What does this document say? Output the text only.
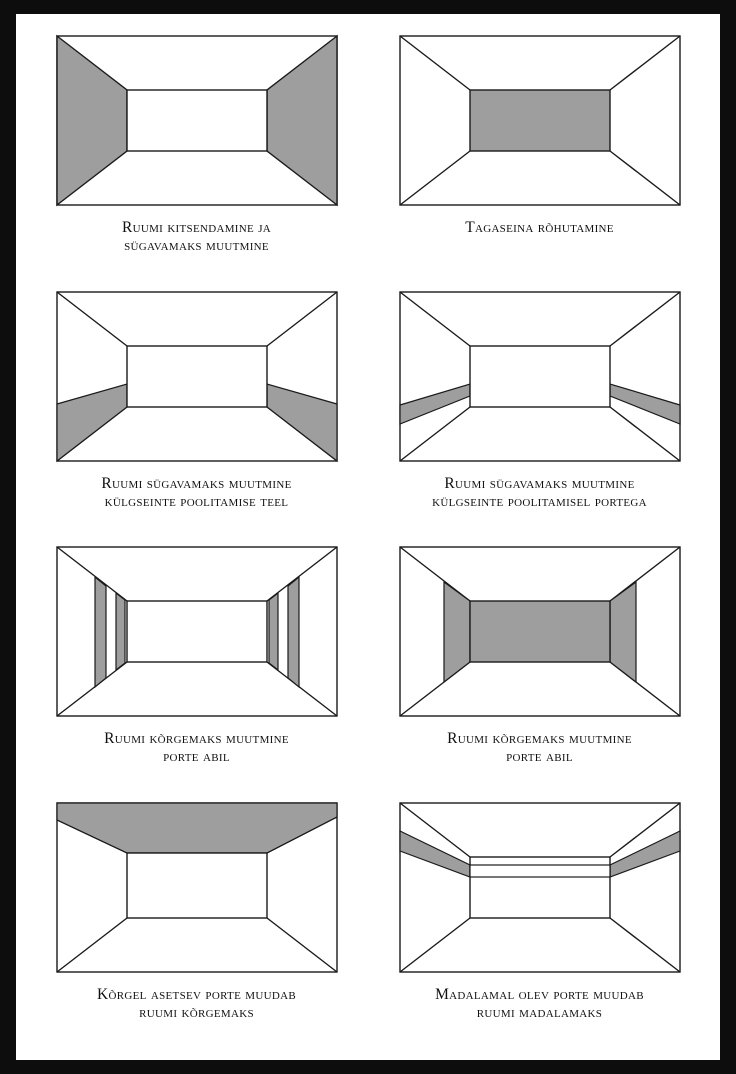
Ruumi kitsendamine ja
sügavamaks muutmine
Tagaseina rõhutamine
Ruumi sügavamaks muutmine
külgseinte poolitamise teel
Ruumi sügavamaks muutmine
külgseinte poolitamisel portega
Ruumi kõrgemaks muutmine
porte abil
Ruumi kõrgemaks muutmine
porte abil
Kõrgel asetsev porte muudab
ruumi kõrgemaks
Madalamal olev porte muudab
ruumi madalamaks
